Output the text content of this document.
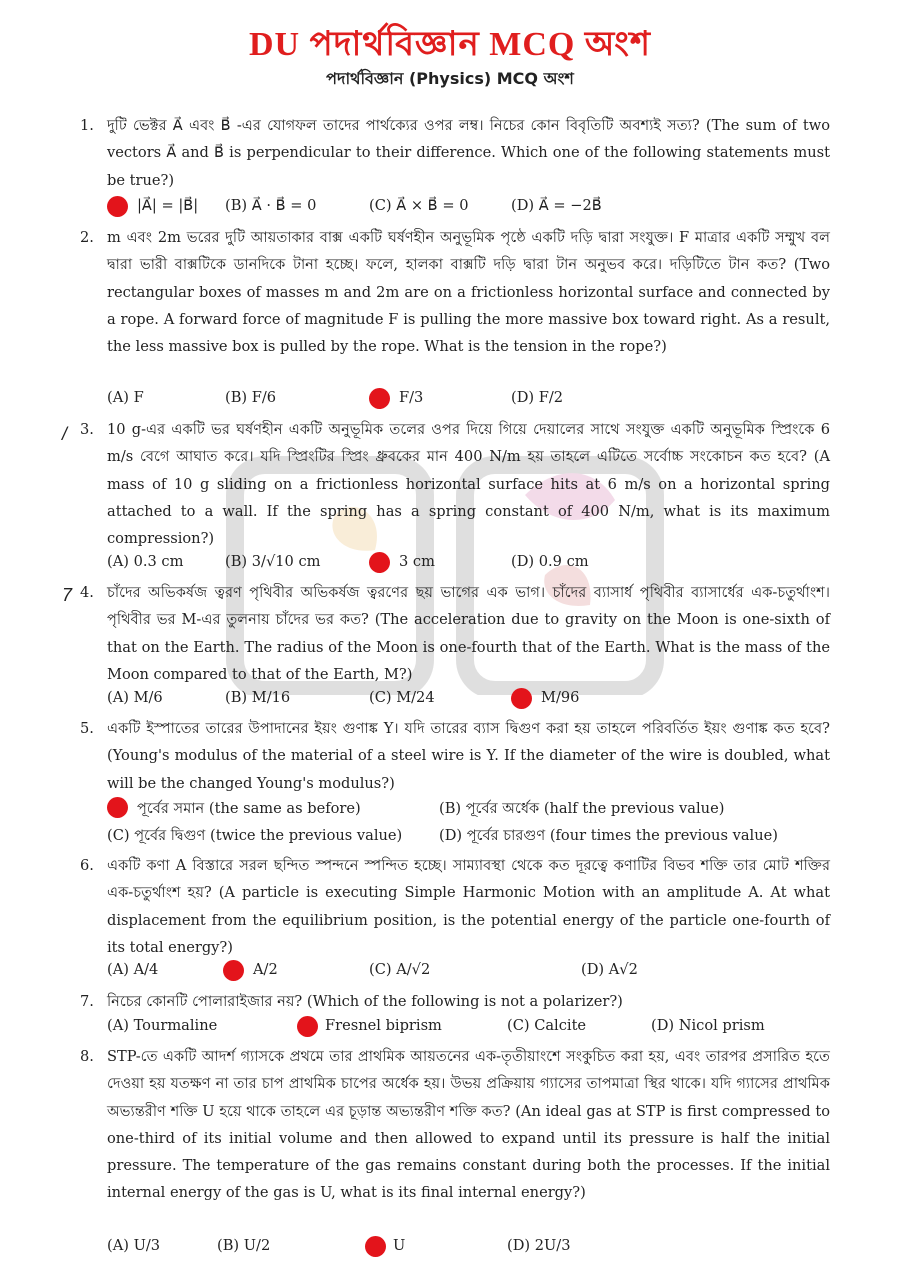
DU পদার্থবিজ্ঞান MCQ অংশ
পদার্থবিজ্ঞান (Physics) MCQ অংশ
1. দুটি ভেক্টর A⃗ এবং B⃗ -এর যোগফল তাদের পার্থক্যের ওপর লম্ব। নিচের কোন বিবৃতিটি অবশ্যই সত্য? (The sum of two vectors A⃗ and B⃗ is perpendicular to their difference. Which one of the following statements must be true?)
|A⃗| = |B⃗| (B) A⃗ · B⃗ = 0	(C) A⃗ × B⃗ = 0	(D) A⃗ = −2B⃗
2. m এবং 2m ভরের দুটি আয়তাকার বাক্স একটি ঘর্ষণহীন অনুভূমিক পৃষ্ঠে একটি দড়ি দ্বারা সংযুক্ত। F মাত্রার একটি সম্মুখ বল দ্বারা ভারী বাক্সটিকে ডানদিকে টানা হচ্ছে। ফলে, হালকা বাক্সটি দড়ি দ্বারা টান অনুভব করে। দড়িটিতে টান কত? (Two rectangular boxes of masses m and 2m are on a frictionless horizontal surface and connected by a rope. A forward force of magnitude F is pulling the more massive box toward right. As a result, the less massive box is pulled by the rope. What is the tension in the rope?)
(A) F	(B) F/6	F/3	(D) F/2
/ 3. 10 g-এর একটি ভর ঘর্ষণহীন একটি অনুভূমিক তলের ওপর দিয়ে গিয়ে দেয়ালের সাথে সংযুক্ত একটি অনুভূমিক স্প্রিংকে 6 m/s বেগে আঘাত করে। যদি স্প্রিংটির স্প্রিং ধ্রুবকের মান 400 N/m হয় তাহলে এটিতে সর্বোচ্চ সংকোচন কত হবে? (A mass of 10 g sliding on a frictionless horizontal surface hits at 6 m/s on a horizontal spring attached to a wall. If the spring has a spring constant of 400 N/m, what is its maximum compression?)
(A) 0.3 cm	(B) 3/√10 cm	3 cm	(D) 0.9 cm
7 4. চাঁদের অভিকর্ষজ ত্বরণ পৃথিবীর অভিকর্ষজ ত্বরণের ছয় ভাগের এক ভাগ। চাঁদের ব্যাসার্ধ পৃথিবীর ব্যাসার্ধের এক-চতুর্থাংশ। পৃথিবীর ভর M-এর তুলনায় চাঁদের ভর কত? (The acceleration due to gravity on the Moon is one-sixth of that on the Earth. The radius of the Moon is one-fourth that of the Earth. What is the mass of the Moon compared to that of the Earth, M?)
(A) M/6	(B) M/16	(C) M/24	M/96
5. একটি ইস্পাতের তারের উপাদানের ইয়ং গুণাঙ্ক Y। যদি তারের ব্যাস দ্বিগুণ করা হয় তাহলে পরিবর্তিত ইয়ং গুণাঙ্ক কত হবে? (Young's modulus of the material of a steel wire is Y. If the diameter of the wire is doubled, what will be the changed Young's modulus?)
পূর্বের সমান (the same as before)	(B) পূর্বের অর্ধেক (half the previous value)
(C) পূর্বের দ্বিগুণ (twice the previous value)	(D) পূর্বের চারগুণ (four times the previous value)
6. একটি কণা A বিস্তারে সরল ছন্দিত স্পন্দনে স্পন্দিত হচ্ছে। সাম্যাবস্থা থেকে কত দূরত্বে কণাটির বিভব শক্তি তার মোট শক্তির এক-চতুর্থাংশ হয়? (A particle is executing Simple Harmonic Motion with an amplitude A. At what displacement from the equilibrium position, is the potential energy of the particle one-fourth of its total energy?)
(A) A/4	A/2	(C) A/√2	(D) A√2
7. নিচের কোনটি পোলারাইজার নয়? (Which of the following is not a polarizer?)
(A) Tourmaline	Fresnel biprism	(C) Calcite	(D) Nicol prism
8. STP-তে একটি আদর্শ গ্যাসকে প্রথমে তার প্রাথমিক আয়তনের এক-তৃতীয়াংশে সংকুচিত করা হয়, এবং তারপর প্রসারিত হতে দেওয়া হয় যতক্ষণ না তার চাপ প্রাথমিক চাপের অর্ধেক হয়। উভয় প্রক্রিয়ায় গ্যাসের তাপমাত্রা স্থির থাকে। যদি গ্যাসের প্রাথমিক অভ্যন্তরীণ শক্তি U হয়ে থাকে তাহলে এর চূড়ান্ত অভ্যন্তরীণ শক্তি কত? (An ideal gas at STP is first compressed to one-third of its initial volume and then allowed to expand until its pressure is half the initial pressure. The temperature of the gas remains constant during both the processes. If the initial internal energy of the gas is U, what is its final internal energy?)
(A) U/3	(B) U/2	U	(D) 2U/3
